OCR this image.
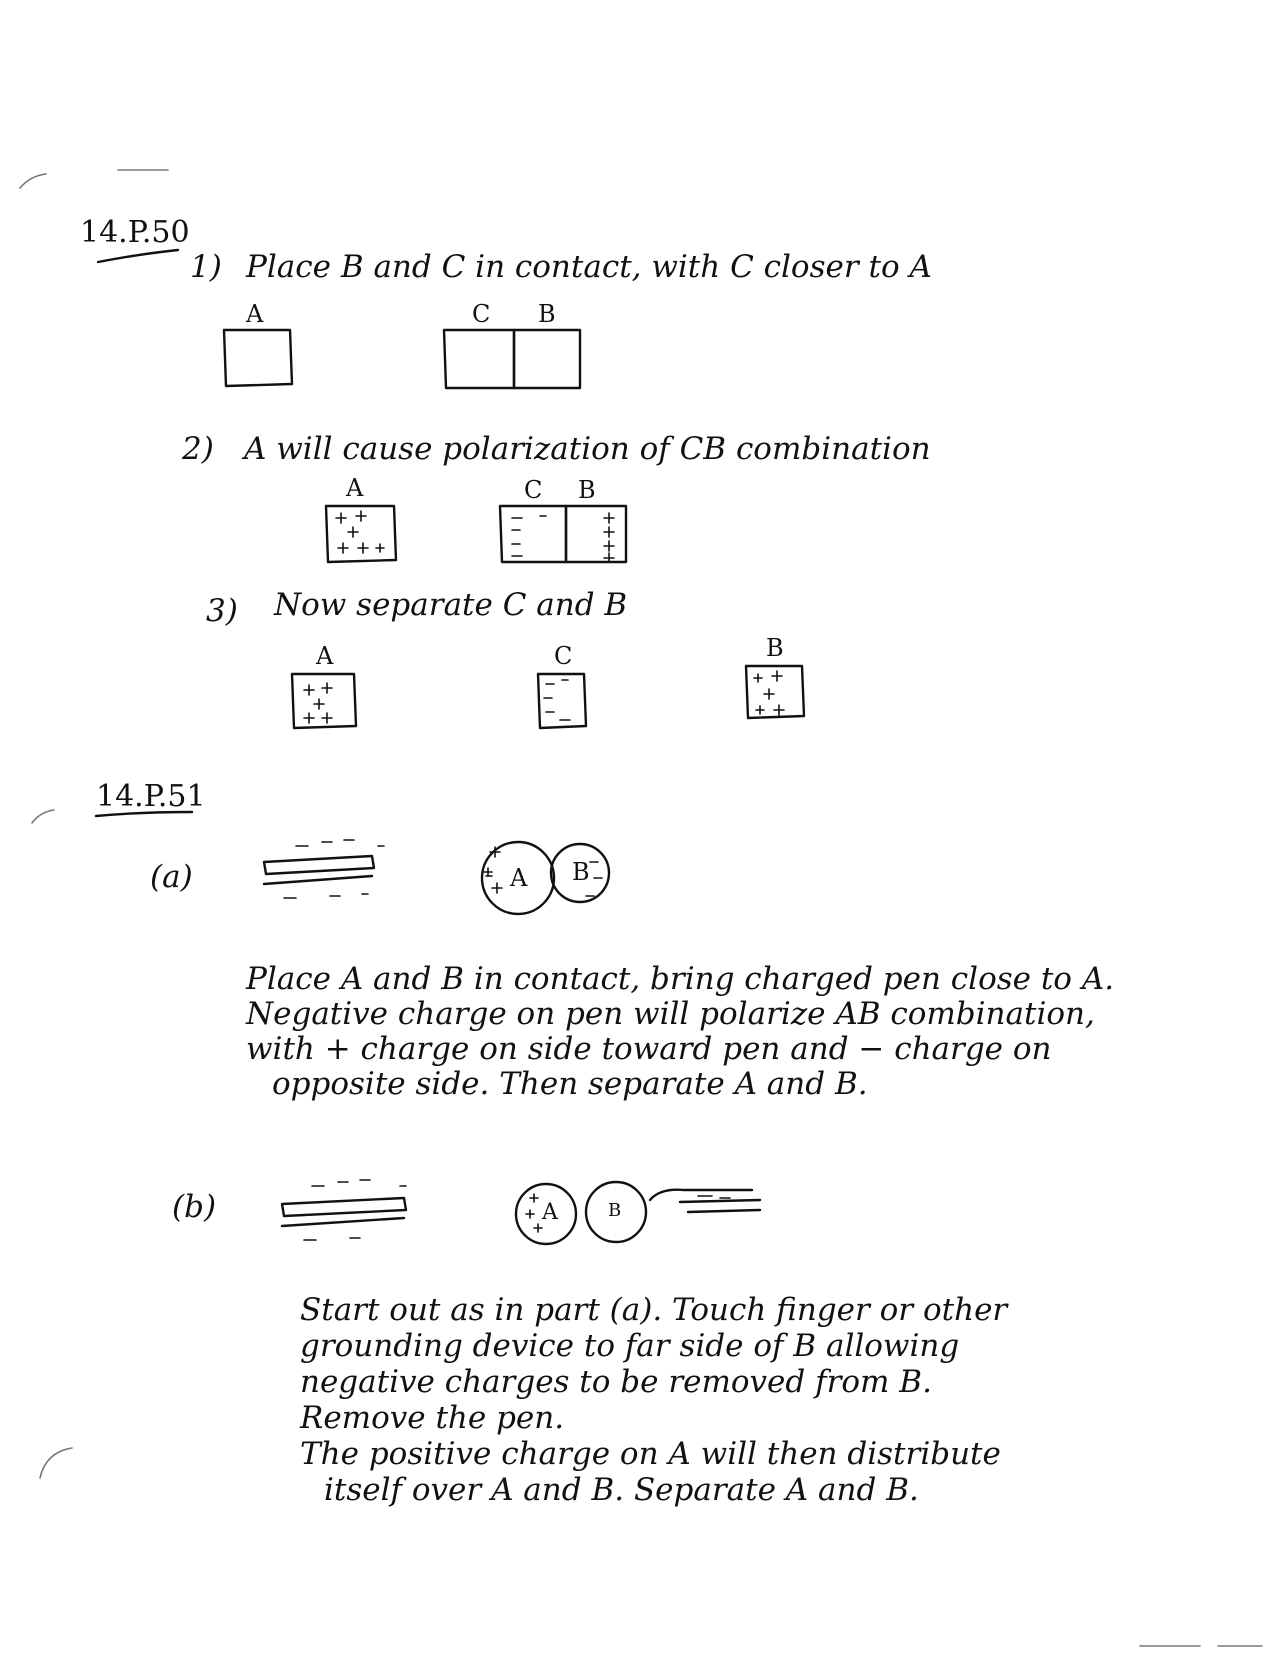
14.P.50
1) Place B and C in contact, with C closer to A
A	C B
2) A will cause polarization of CB combination
A	C B
3) Now separate C and B
A	C	B
14.P.51
(a)	A B
Place A and B in contact, bring charged pen close to A.
Negative charge on pen will polarize AB combination,
with + charge on side toward pen and − charge on
opposite side. Then separate A and B.
(b)	A	B
Start out as in part (a). Touch finger or other
grounding device to far side of B allowing
negative charges to be removed from B.
Remove the pen.
The positive charge on A will then distribute
itself over A and B. Separate A and B.
